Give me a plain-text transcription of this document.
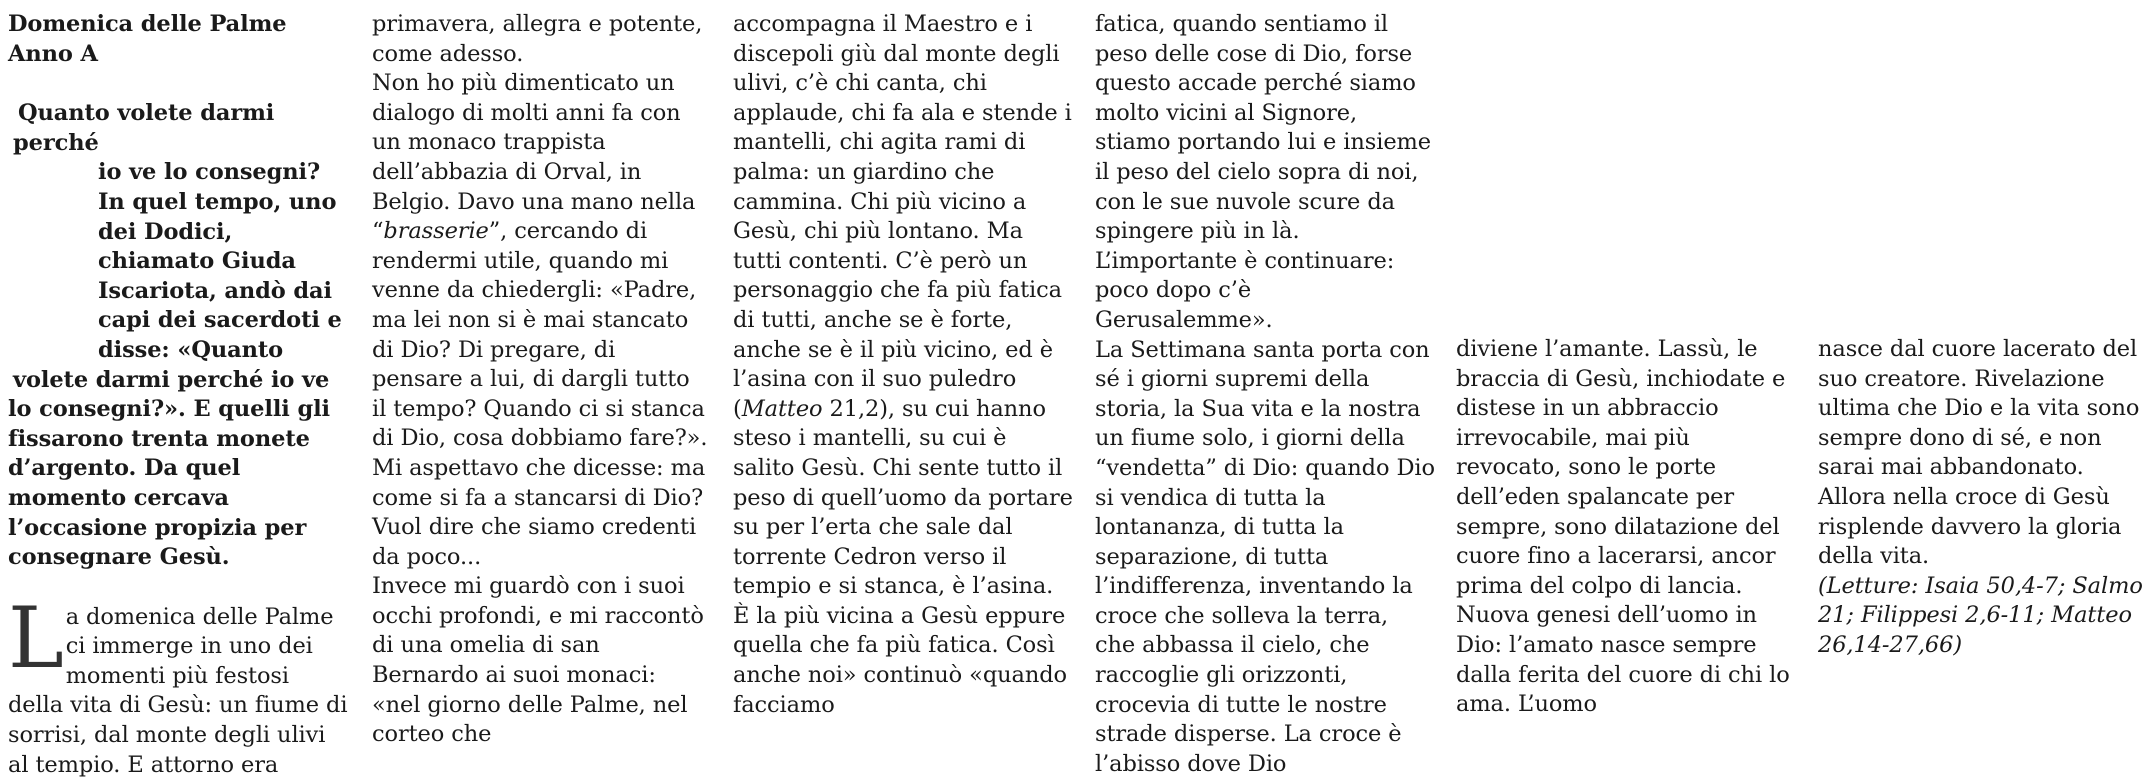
Domenica delle Palme
Anno A

Quanto volete darmi perché
io ve lo consegni? In quel tempo, uno dei Dodici, chiamato Giuda Iscariota, andò dai capi dei sacerdoti e disse: «Quanto
volete darmi perché io ve lo consegni?». E quelli gli fissarono trenta monete d’argento. Da quel momento cercava l’occasione propizia per consegnare Gesù.

La domenica delle Palme ci immerge in uno dei momenti più festosi della vita di Gesù: un fiume di sorrisi, dal monte degli ulivi al tempio. E attorno era

primavera, allegra e potente, come adesso.

Non ho più dimenticato un dialogo di molti anni fa con un monaco trappista dell’abbazia di Orval, in Belgio. Davo una mano nella “brasserie”, cercando di rendermi utile, quando mi venne da chiedergli: «Padre, ma lei non si è mai stancato di Dio? Di pregare, di pensare a lui, di dargli tutto il tempo? Quando ci si stanca di Dio, cosa dobbiamo fare?». Mi aspettavo che dicesse: ma come si fa a stancarsi di Dio? Vuol dire che siamo credenti da poco...

Invece mi guardò con i suoi occhi profondi, e mi raccontò di una omelia di san Bernardo ai suoi monaci: «nel giorno delle Palme, nel corteo che

accompagna il Maestro e i discepoli giù dal monte degli ulivi, c’è chi canta, chi applaude, chi fa ala e stende i mantelli, chi agita rami di palma: un giardino che cammina. Chi più vicino a Gesù, chi più lontano. Ma tutti contenti. C’è però un personaggio che fa più fatica di tutti, anche se è forte, anche se è il più vicino, ed è l’asina con il suo puledro (Matteo 21,2), su cui hanno steso i mantelli, su cui è salito Gesù. Chi sente tutto il peso di quell’uomo da portare su per l’erta che sale dal torrente Cedron verso il tempio e si stanca, è l’asina. È la più vicina a Gesù eppure quella che fa più fatica. Così anche noi» continuò «quando facciamo

fatica, quando sentiamo il peso delle cose di Dio, forse questo accade perché siamo molto vicini al Signore, stiamo portando lui e insieme il peso del cielo sopra di noi, con le sue nuvole scure da spingere più in là. L’importante è continuare: poco dopo c’è Gerusalemme».

La Settimana santa porta con sé i giorni supremi della storia, la Sua vita e la nostra un fiume solo, i giorni della “vendetta” di Dio: quando Dio si vendica di tutta la lontananza, di tutta la separazione, di tutta l’indifferenza, inventando la croce che solleva la terra, che abbassa il cielo, che raccoglie gli orizzonti, crocevia di tutte le nostre strade disperse. La croce è l’abisso dove Dio

diviene l’amante. Lassù, le braccia di Gesù, inchiodate e distese in un abbraccio irrevocabile, mai più revocato, sono le porte dell’eden spalancate per sempre, sono dilatazione del cuore fino a lacerarsi, ancor prima del colpo di lancia. Nuova genesi dell’uomo in Dio: l’amato nasce sempre dalla ferita del cuore di chi lo ama. L’uomo

nasce dal cuore lacerato del suo creatore. Rivelazione ultima che Dio e la vita sono sempre dono di sé, e non sarai mai abbandonato.

Allora nella croce di Gesù risplende davvero la gloria della vita.

(Letture: Isaia 50,4-7; Salmo 21; Filippesi 2,6-11; Matteo 26,14-27,66)
